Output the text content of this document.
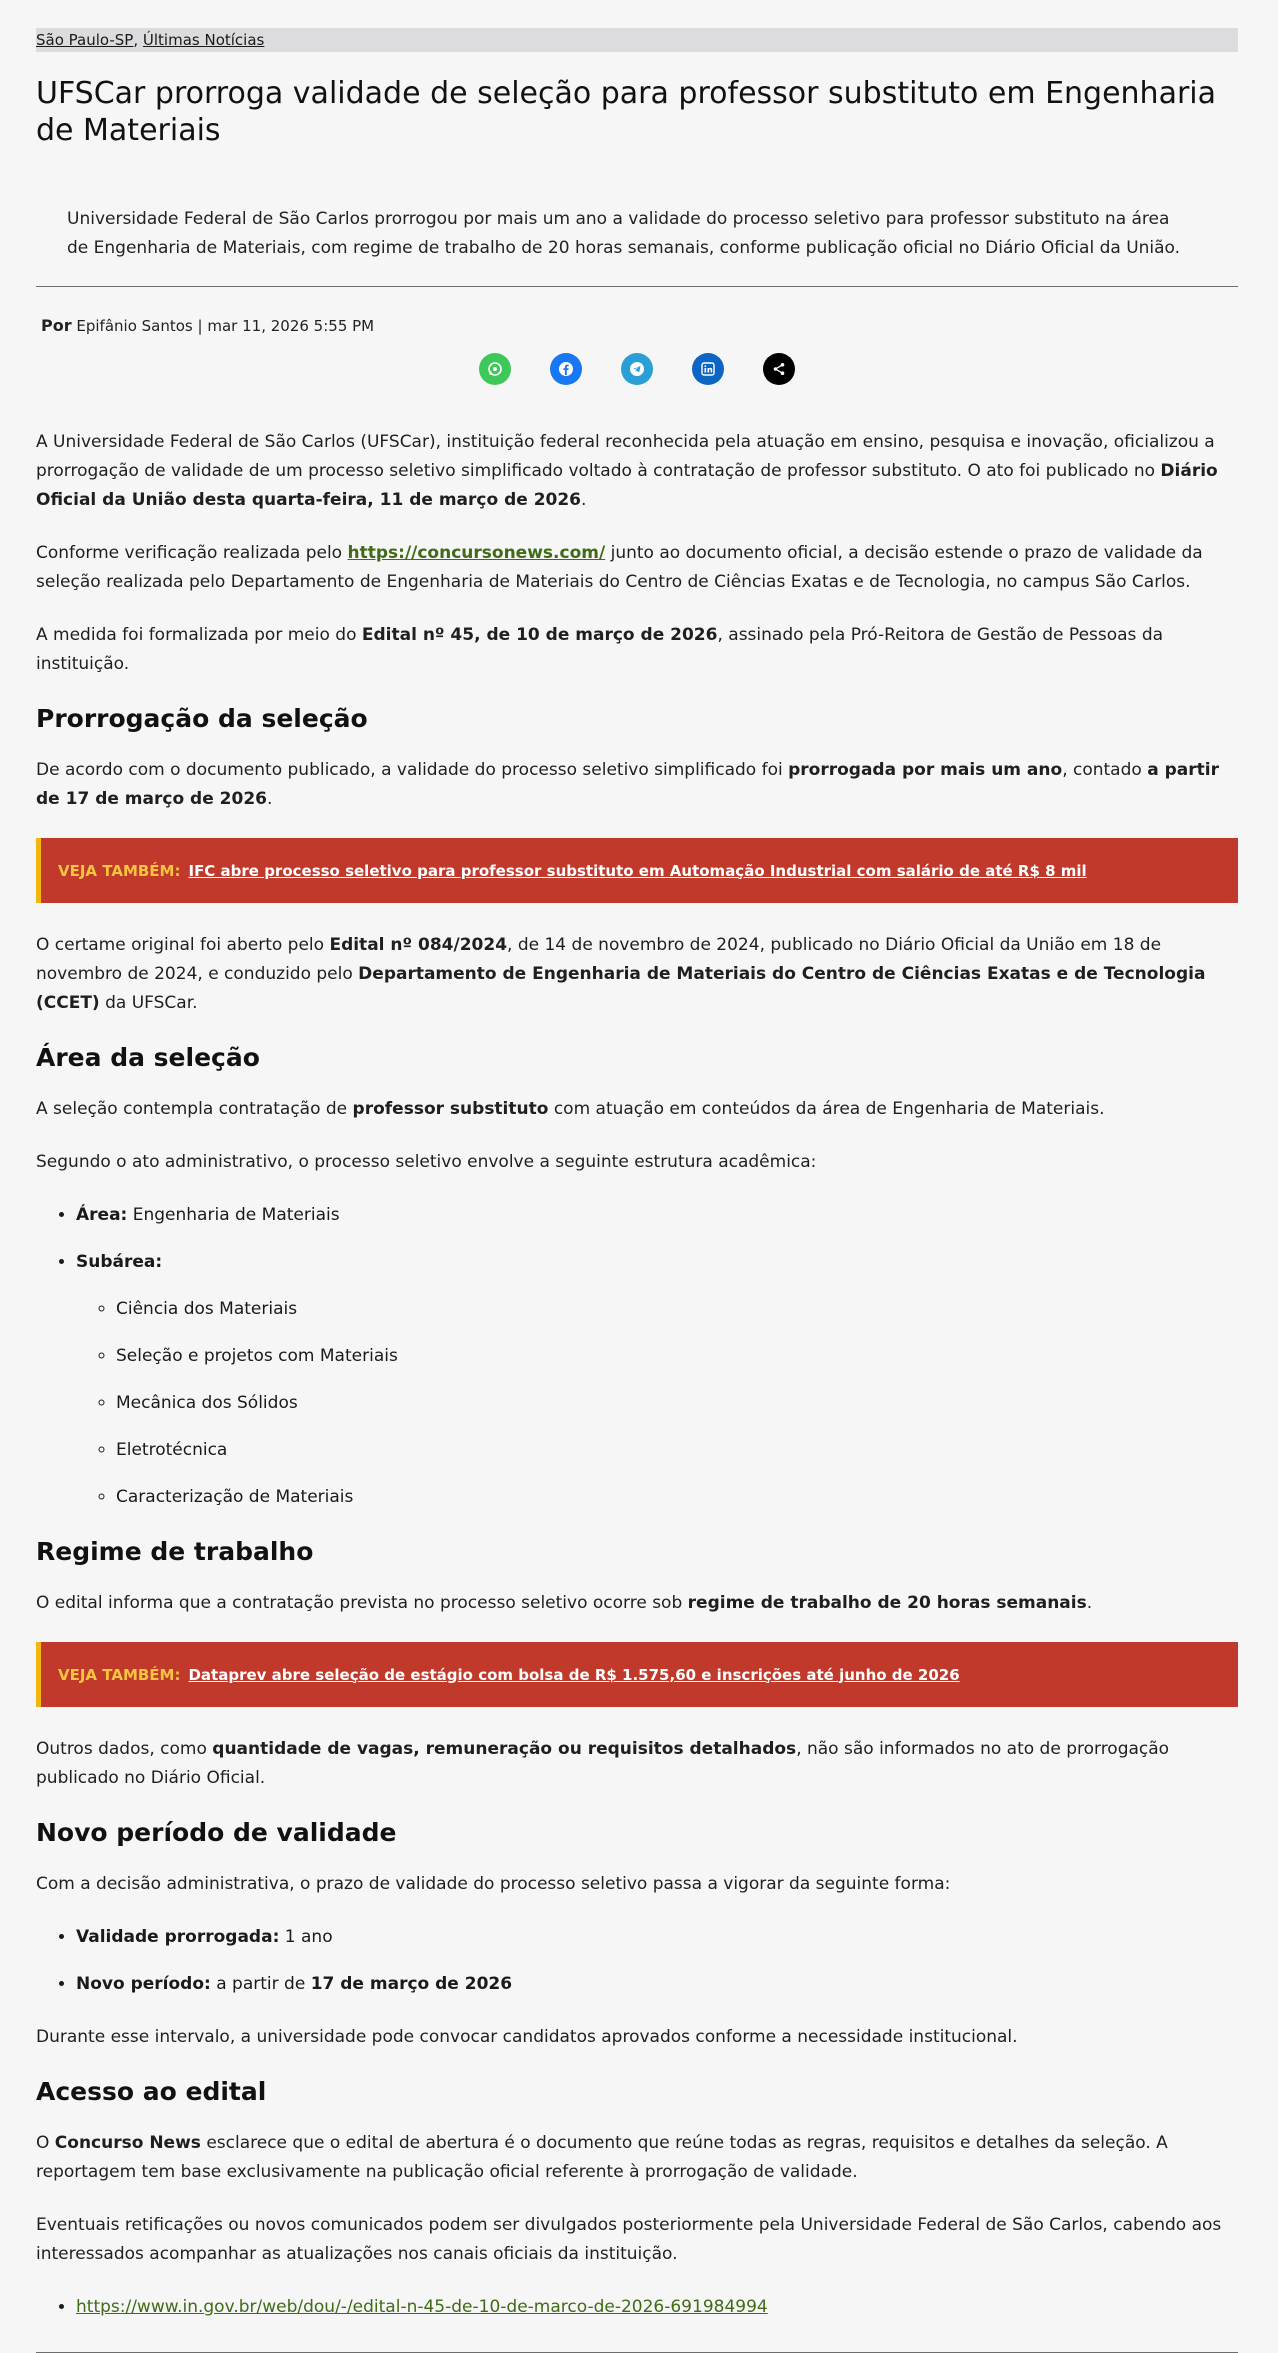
São Paulo-SP, Últimas Notícias
UFSCar prorroga validade de seleção para professor substituto em Engenharia de Materiais
Universidade Federal de São Carlos prorrogou por mais um ano a validade do processo seletivo para professor substituto na área de Engenharia de Materiais, com regime de trabalho de 20 horas semanais, conforme publicação oficial no Diário Oficial da União.
Por Epifânio Santos | mar 11, 2026 5:55 PM

A Universidade Federal de São Carlos (UFSCar), instituição federal reconhecida pela atuação em ensino, pesquisa e inovação, oficializou a prorrogação de validade de um processo seletivo simplificado voltado à contratação de professor substituto. O ato foi publicado no Diário Oficial da União desta quarta-feira, 11 de março de 2026.

Conforme verificação realizada pelo https://concursonews.com/ junto ao documento oficial, a decisão estende o prazo de validade da seleção realizada pelo Departamento de Engenharia de Materiais do Centro de Ciências Exatas e de Tecnologia, no campus São Carlos.

A medida foi formalizada por meio do Edital nº 45, de 10 de março de 2026, assinado pela Pró-Reitora de Gestão de Pessoas da instituição.

Prorrogação da seleção

De acordo com o documento publicado, a validade do processo seletivo simplificado foi prorrogada por mais um ano, contado a partir de 17 de março de 2026.

VEJA TAMBÉM: IFC abre processo seletivo para professor substituto em Automação Industrial com salário de até R$ 8 mil

O certame original foi aberto pelo Edital nº 084/2024, de 14 de novembro de 2024, publicado no Diário Oficial da União em 18 de novembro de 2024, e conduzido pelo Departamento de Engenharia de Materiais do Centro de Ciências Exatas e de Tecnologia (CCET) da UFSCar.

Área da seleção

A seleção contempla contratação de professor substituto com atuação em conteúdos da área de Engenharia de Materiais.

Segundo o ato administrativo, o processo seletivo envolve a seguinte estrutura acadêmica:

• Área: Engenharia de Materiais
• Subárea:
◦ Ciência dos Materiais
◦ Seleção e projetos com Materiais
◦ Mecânica dos Sólidos
◦ Eletrotécnica
◦ Caracterização de Materiais
Regime de trabalho

O edital informa que a contratação prevista no processo seletivo ocorre sob regime de trabalho de 20 horas semanais.

VEJA TAMBÉM: Dataprev abre seleção de estágio com bolsa de R$ 1.575,60 e inscrições até junho de 2026

Outros dados, como quantidade de vagas, remuneração ou requisitos detalhados, não são informados no ato de prorrogação publicado no Diário Oficial.

Novo período de validade

Com a decisão administrativa, o prazo de validade do processo seletivo passa a vigorar da seguinte forma:

• Validade prorrogada: 1 ano
• Novo período: a partir de 17 de março de 2026

Durante esse intervalo, a universidade pode convocar candidatos aprovados conforme a necessidade institucional.

Acesso ao edital

O Concurso News esclarece que o edital de abertura é o documento que reúne todas as regras, requisitos e detalhes da seleção. A reportagem tem base exclusivamente na publicação oficial referente à prorrogação de validade.

Eventuais retificações ou novos comunicados podem ser divulgados posteriormente pela Universidade Federal de São Carlos, cabendo aos interessados acompanhar as atualizações nos canais oficiais da instituição.

• https://www.in.gov.br/web/dou/-/edital-n-45-de-10-de-marco-de-2026-691984994
